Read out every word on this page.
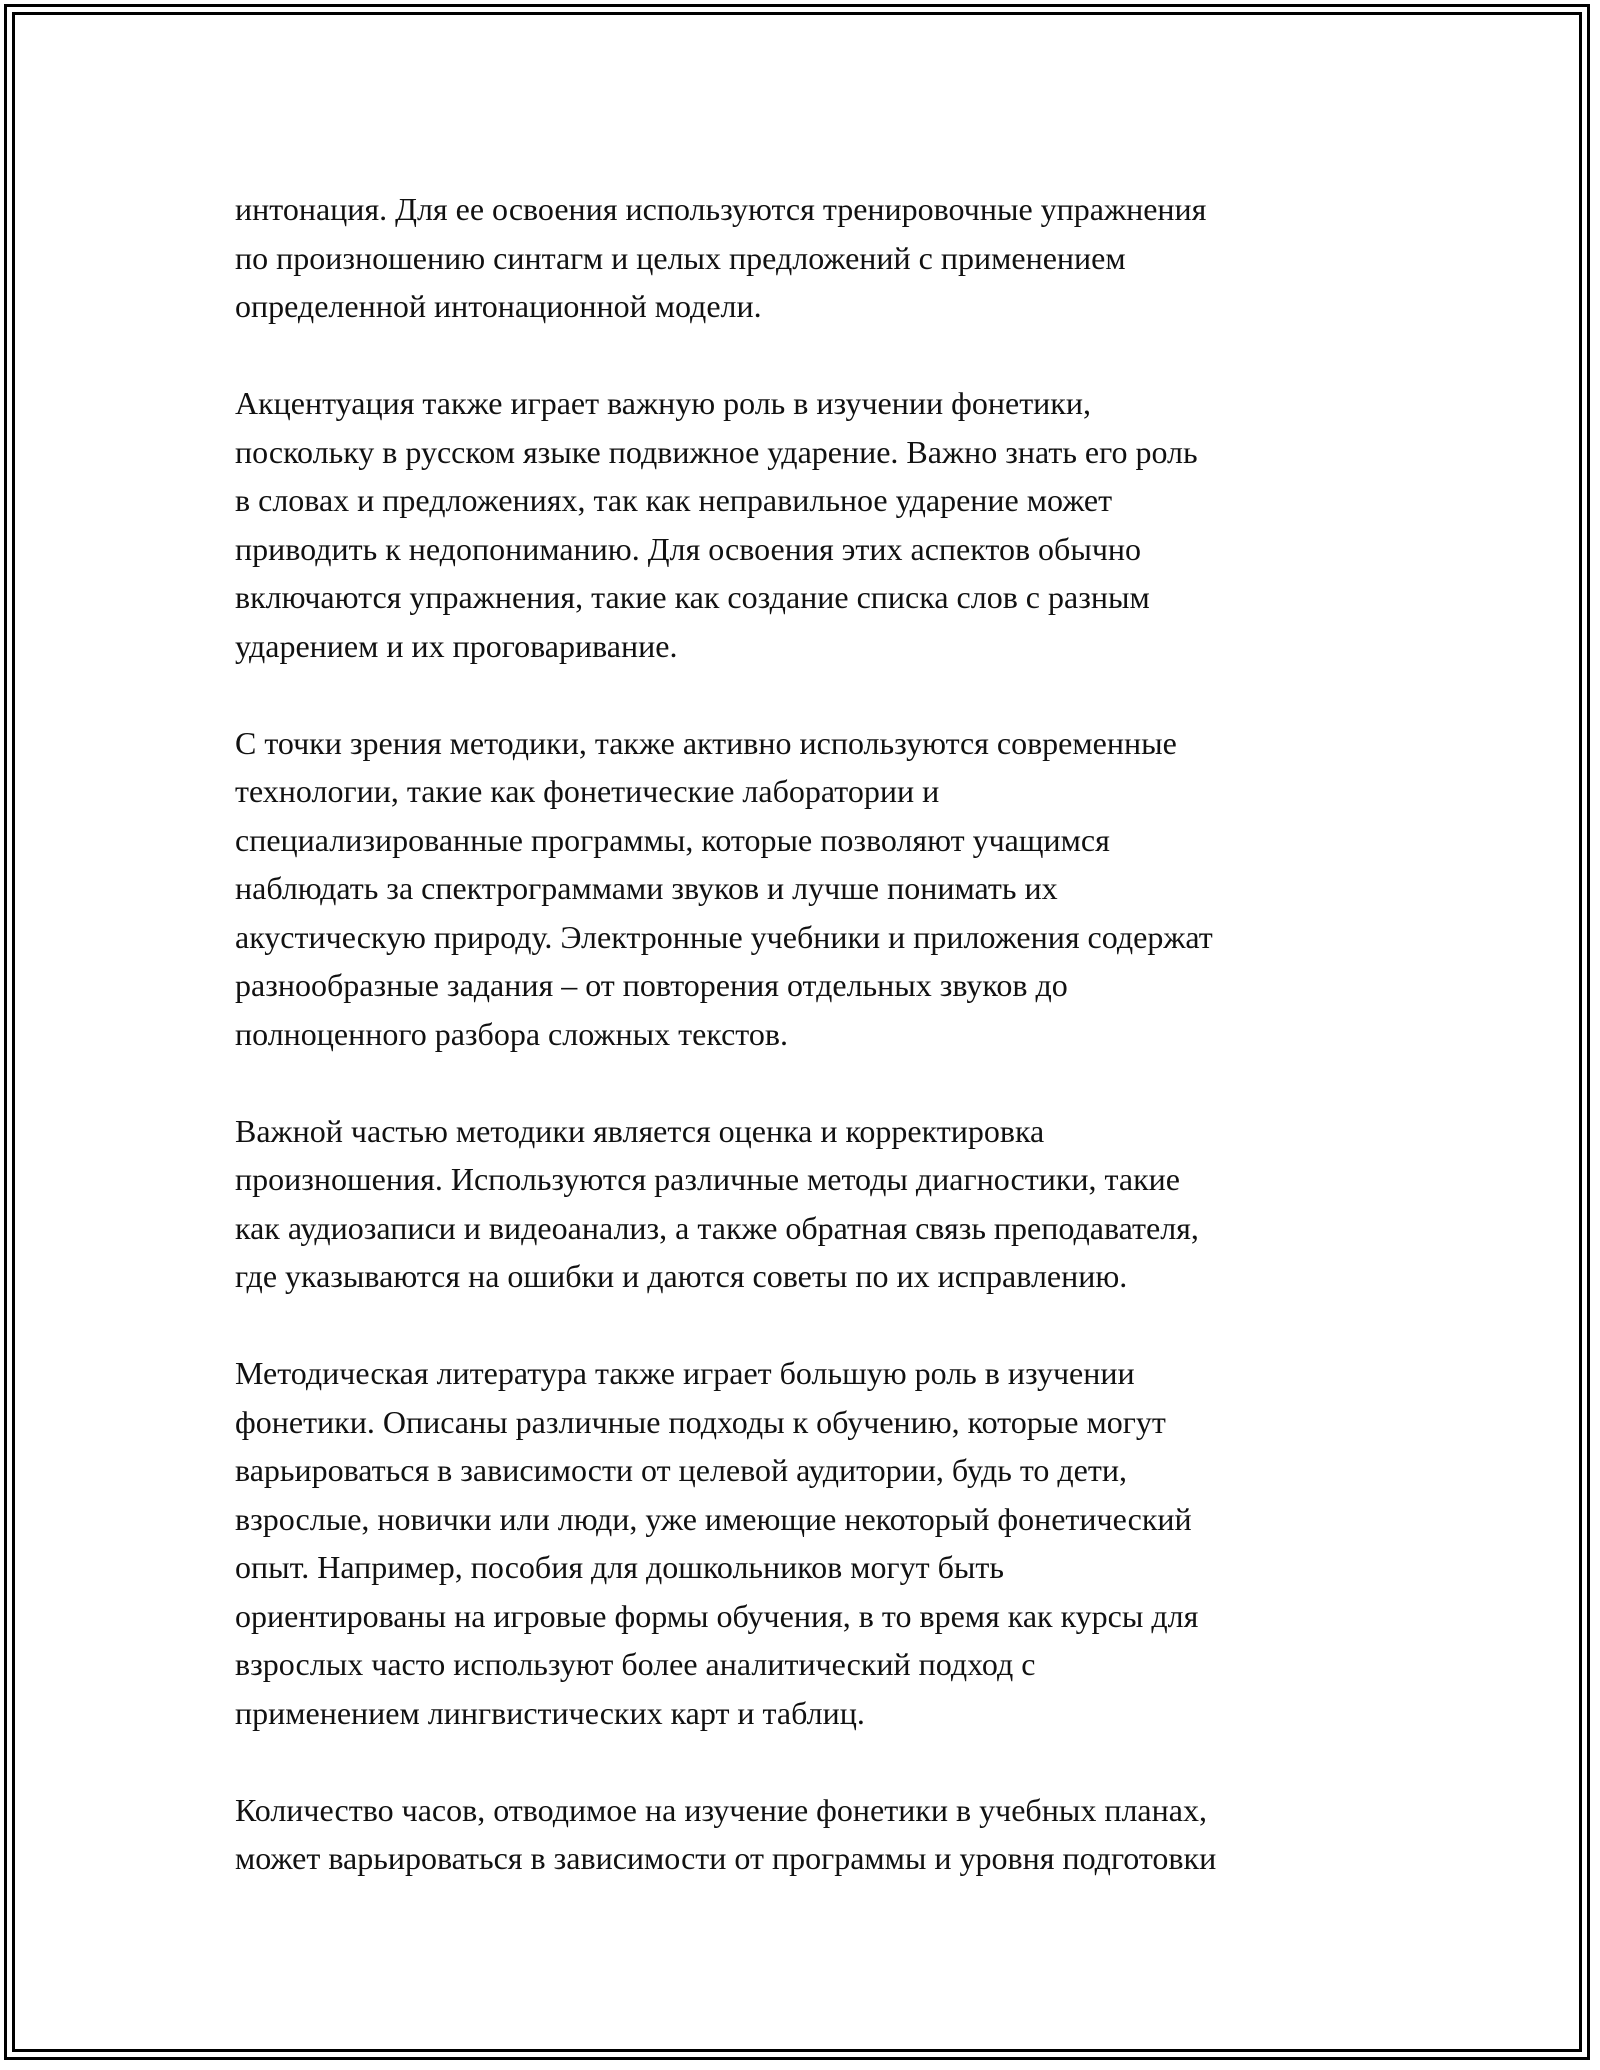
интонация. Для ее освоения используются тренировочные упражнения
по произношению синтагм и целых предложений с применением
определенной интонационной модели.

Акцентуация также играет важную роль в изучении фонетики,
поскольку в русском языке подвижное ударение. Важно знать его роль
в словах и предложениях, так как неправильное ударение может
приводить к недопониманию. Для освоения этих аспектов обычно
включаются упражнения, такие как создание списка слов с разным
ударением и их проговаривание.

С точки зрения методики, также активно используются современные
технологии, такие как фонетические лаборатории и
специализированные программы, которые позволяют учащимся
наблюдать за спектрограммами звуков и лучше понимать их
акустическую природу. Электронные учебники и приложения содержат
разнообразные задания – от повторения отдельных звуков до
полноценного разбора сложных текстов.

Важной частью методики является оценка и корректировка
произношения. Используются различные методы диагностики, такие
как аудиозаписи и видеоанализ, а также обратная связь преподавателя,
где указываются на ошибки и даются советы по их исправлению.

Методическая литература также играет большую роль в изучении
фонетики. Описаны различные подходы к обучению, которые могут
варьироваться в зависимости от целевой аудитории, будь то дети,
взрослые, новички или люди, уже имеющие некоторый фонетический
опыт. Например, пособия для дошкольников могут быть
ориентированы на игровые формы обучения, в то время как курсы для
взрослых часто используют более аналитический подход с
применением лингвистических карт и таблиц.

Количество часов, отводимое на изучение фонетики в учебных планах,
может варьироваться в зависимости от программы и уровня подготовки
